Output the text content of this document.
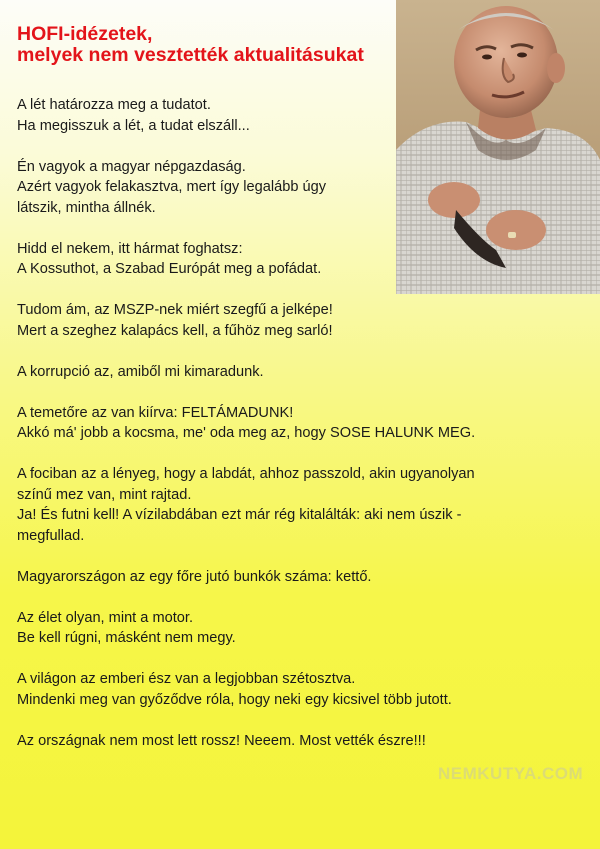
HOFI-idézetek,
melyek nem vesztették aktualitásukat
A lét határozza meg a tudatot.
Ha megisszuk a lét, a tudat elszáll...
Én vagyok a magyar népgazdaság.
Azért vagyok felakasztva, mert így legalább úgy
látszik, mintha állnék.
Hidd el nekem, itt hármat foghatsz:
A Kossuthot, a Szabad Európát meg a pofádat.
Tudom ám, az MSZP-nek miért szegfű a jelképe!
Mert a szeghez kalapács kell, a fűhöz meg sarló!
A korrupció az, amiből mi kimaradunk.
A temetőre az van kiírva: FELTÁMADUNK!
Akkó má' jobb a kocsma, me' oda meg az, hogy SOSE HALUNK MEG.
A fociban az a lényeg, hogy a labdát, ahhoz passzold, akin ugyanolyan
színű mez van, mint rajtad.
Ja! És futni kell! A vízilabdában ezt már rég kitalálták: aki nem úszik -
megfullad.
Magyarországon az egy főre jutó bunkók száma: kettő.
Az élet olyan, mint a motor.
Be kell rúgni, másként nem megy.
A világon az emberi ész van a legjobban szétosztva.
Mindenki meg van győződve róla, hogy neki egy kicsivel több jutott.
Az országnak nem most lett rossz! Neeem. Most vették észre!!!
NEMKUTYA.COM
